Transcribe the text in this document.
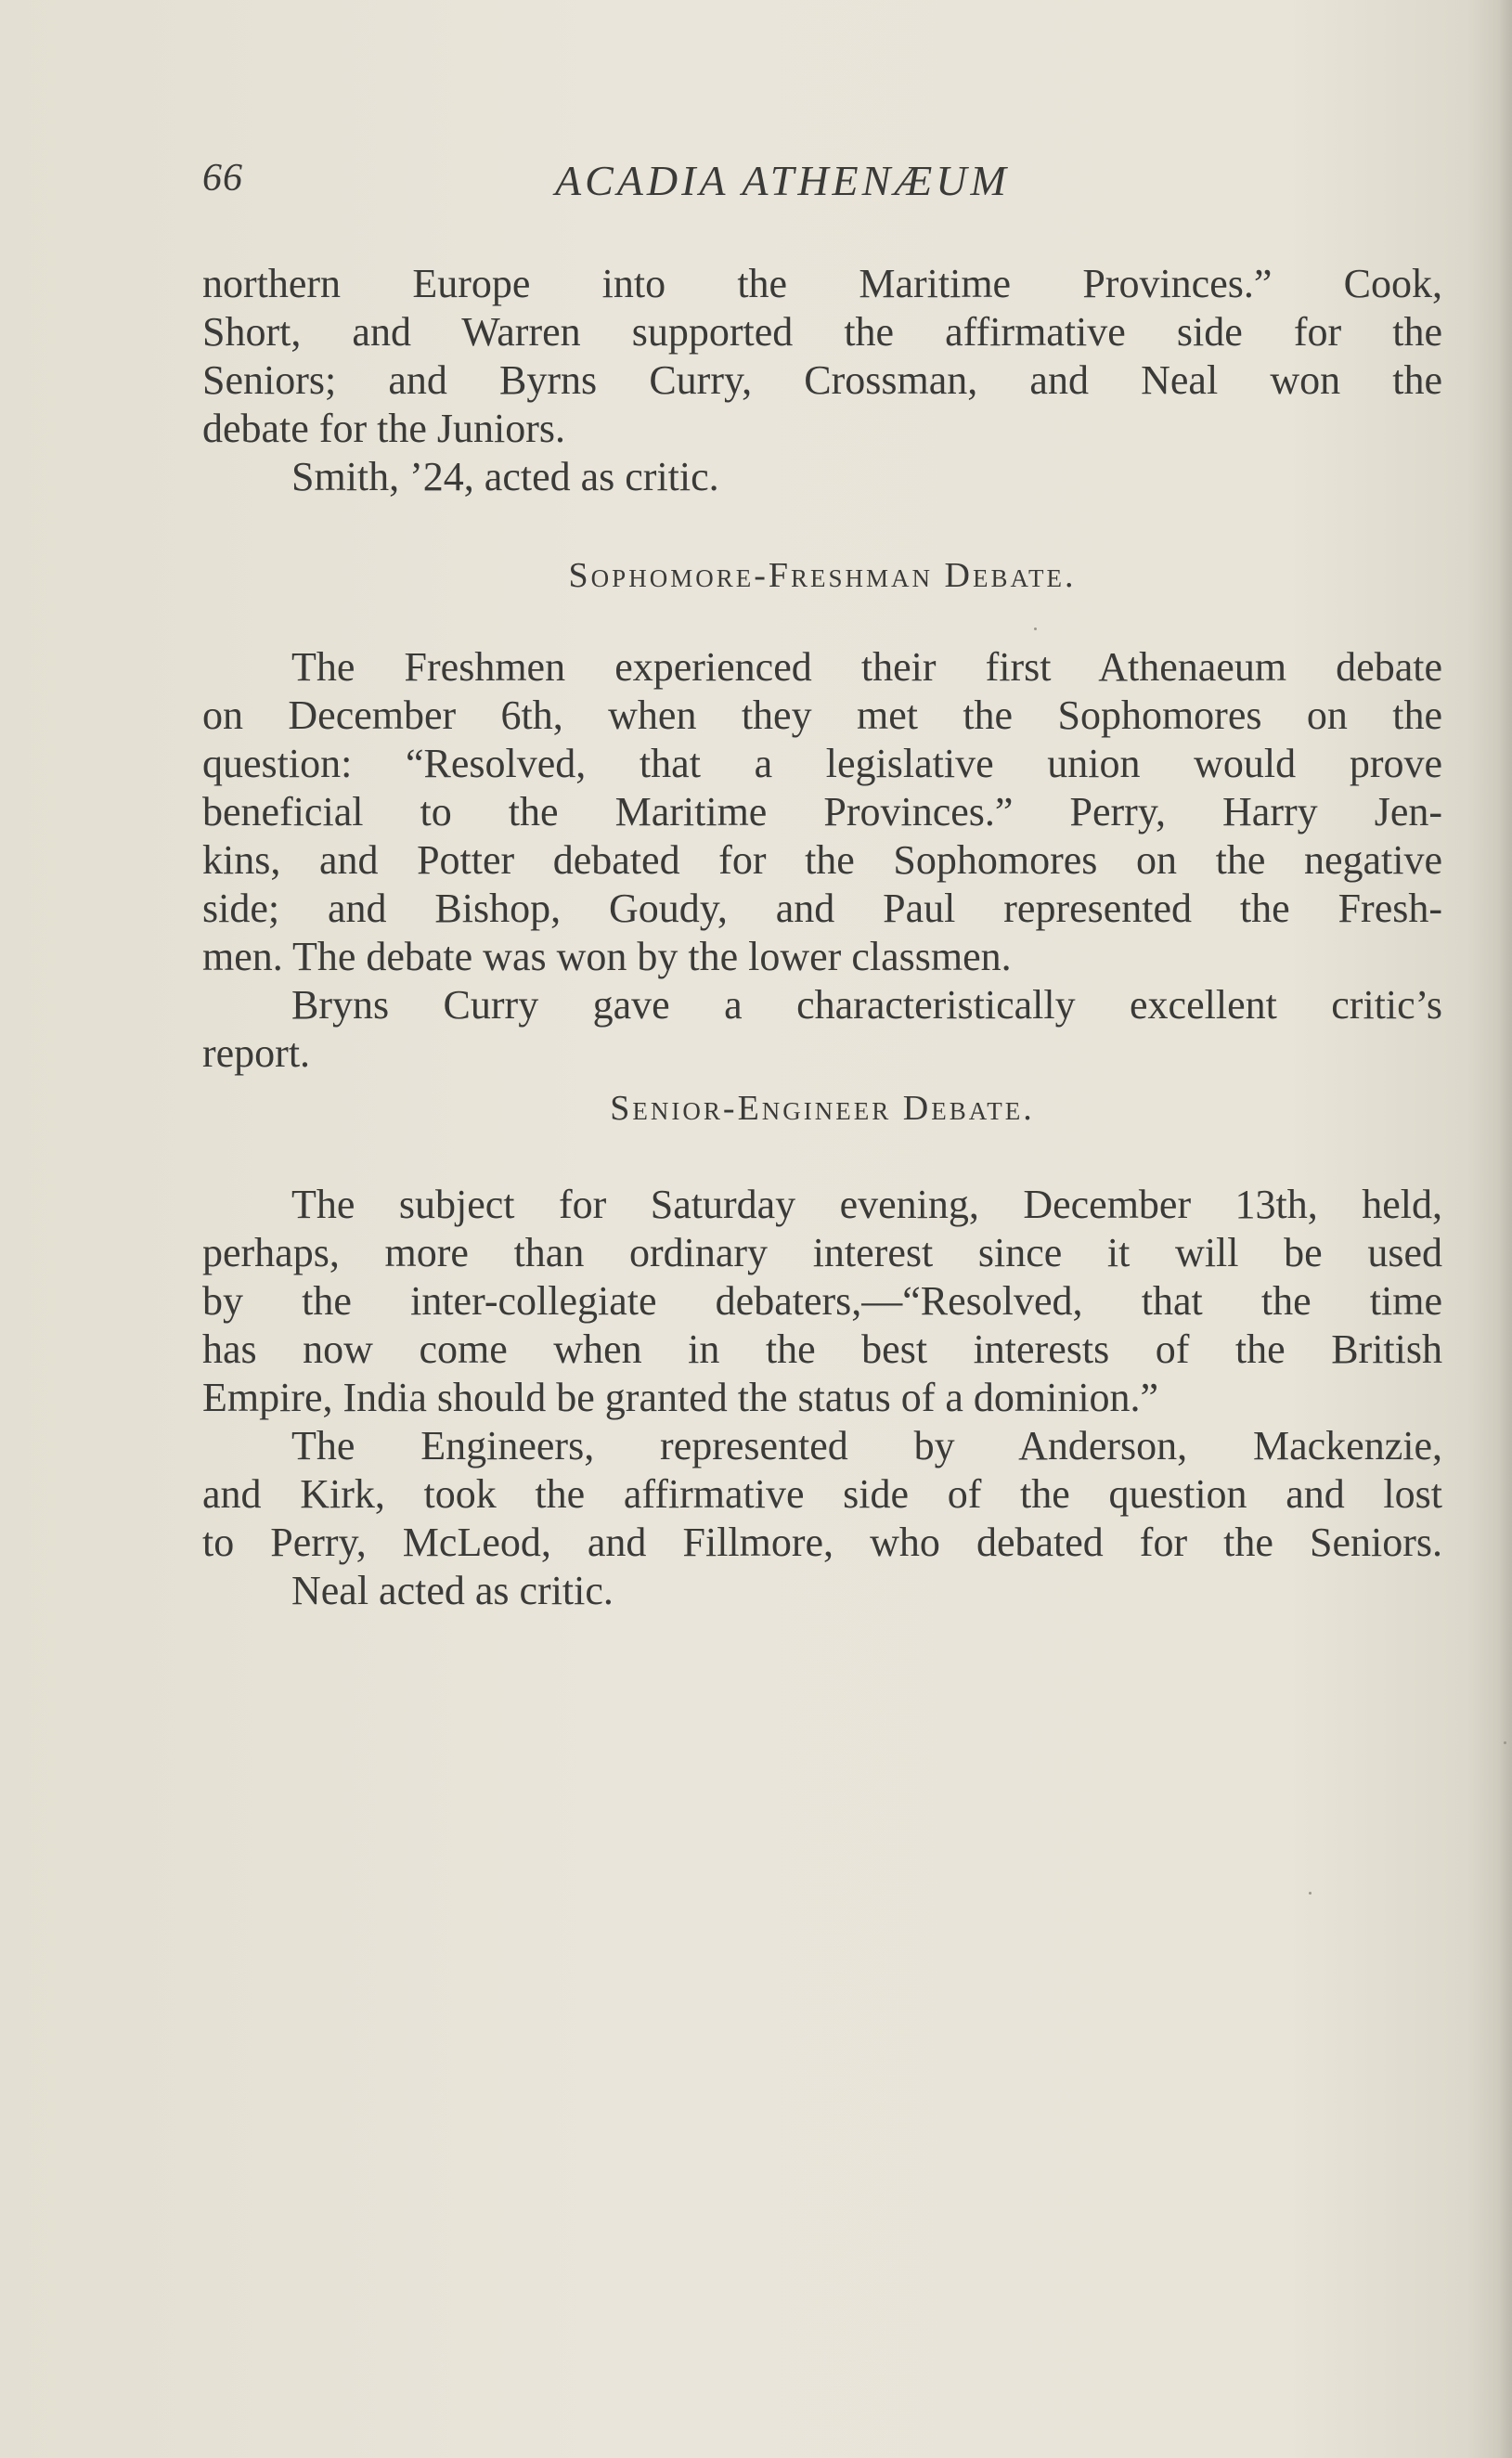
66	ACADIA ATHENÆUM
northern Europe into the Maritime Provinces.” Cook,
Short, and Warren supported the affirmative side for the
Seniors; and Byrns Curry, Crossman, and Neal won the
debate for the Juniors.
Smith, ’24, acted as critic.
Sophomore-Freshman Debate.
The Freshmen experienced their first Athenaeum debate
on December 6th, when they met the Sophomores on the
question: “Resolved, that a legislative union would prove
beneficial to the Maritime Provinces.” Perry, Harry Jen-
kins, and Potter debated for the Sophomores on the negative
side; and Bishop, Goudy, and Paul represented the Fresh-
men. The debate was won by the lower classmen.
Bryns Curry gave a characteristically excellent critic’s
report.
Senior-Engineer Debate.
The subject for Saturday evening, December 13th, held,
perhaps, more than ordinary interest since it will be used
by the inter-collegiate debaters,—“Resolved, that the time
has now come when in the best interests of the British
Empire, India should be granted the status of a dominion.”
The Engineers, represented by Anderson, Mackenzie,
and Kirk, took the affirmative side of the question and lost
to Perry, McLeod, and Fillmore, who debated for the Seniors.
Neal acted as critic.
